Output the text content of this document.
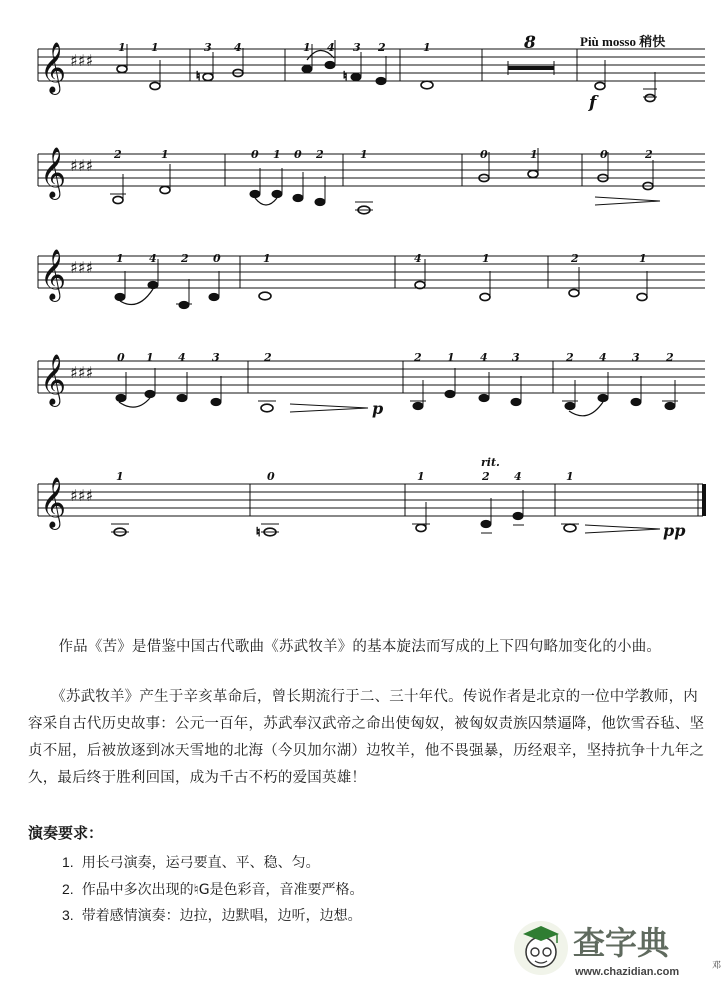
𝄞 ♯♯♯
♮	♮
1 1	3 4	1 4 3 2	1	8	Più mosso 稍快
f
𝄞 ♯♯♯
2	1	0 1 0 2	1	0	1	0	2
𝄞 ♯♯♯ 1 4 2 0	1	4	1	2	1
𝄞 ♯♯♯
p
0 1 4 3	2	2 1 4 3	2 4 3 2
𝄞 ♯♯♯
♮
rit.
pp
1	0	1	2 4	1

作品《苦》是借鉴中国古代歌曲《苏武牧羊》的基本旋法而写成的上下四句略加变化的小曲。

《苏武牧羊》产生于辛亥革命后，曾长期流行于二、三十年代。传说作者是北京的一位中学教师，内容采自古代历史故事：公元一百年，苏武奉汉武帝之命出使匈奴，被匈奴责族囚禁逼降，他饮雪吞毡、坚贞不屈，后被放逐到冰天雪地的北海（今贝加尔湖）边牧羊，他不畏强暴，历经艰辛，坚持抗争十九年之久，最后终于胜利回国，成为千古不朽的爱国英雄！

演奏要求：
1. 用长弓演奏，运弓要直、平、稳、匀。
2. 作品中多次出现的♮G是色彩音，音准要严格。
3. 带着感情演奏：边拉，边默唱，边听，边想。
查字典
www.chazidian.com	邓
